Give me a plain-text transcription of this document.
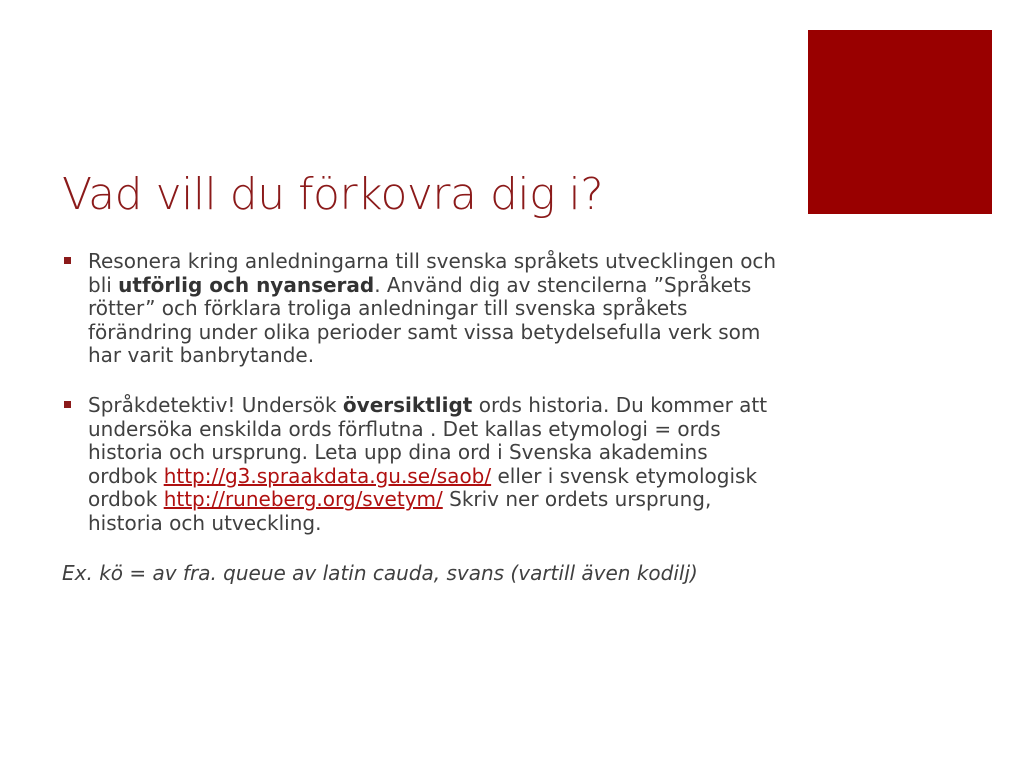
Vad vill du förkovra dig i?

Resonera kring anledningarna till svenska språkets utvecklingen och bli utförlig och nyanserad. Använd dig av stencilerna ”Språkets rötter” och förklara troliga anledningar till svenska språkets förändring under olika perioder samt vissa betydelsefulla verk som har varit banbrytande.

Språkdetektiv! Undersök översiktligt ords historia. Du kommer att undersöka enskilda ords förflutna . Det kallas etymologi = ords historia och ursprung. Leta upp dina ord i Svenska akademins ordbok http://g3.spraakdata.gu.se/saob/ eller i svensk etymologisk ordbok http://runeberg.org/svetym/ Skriv ner ordets ursprung, historia och utveckling.

Ex. kö = av fra. queue av latin cauda, svans (vartill även kodilj)
